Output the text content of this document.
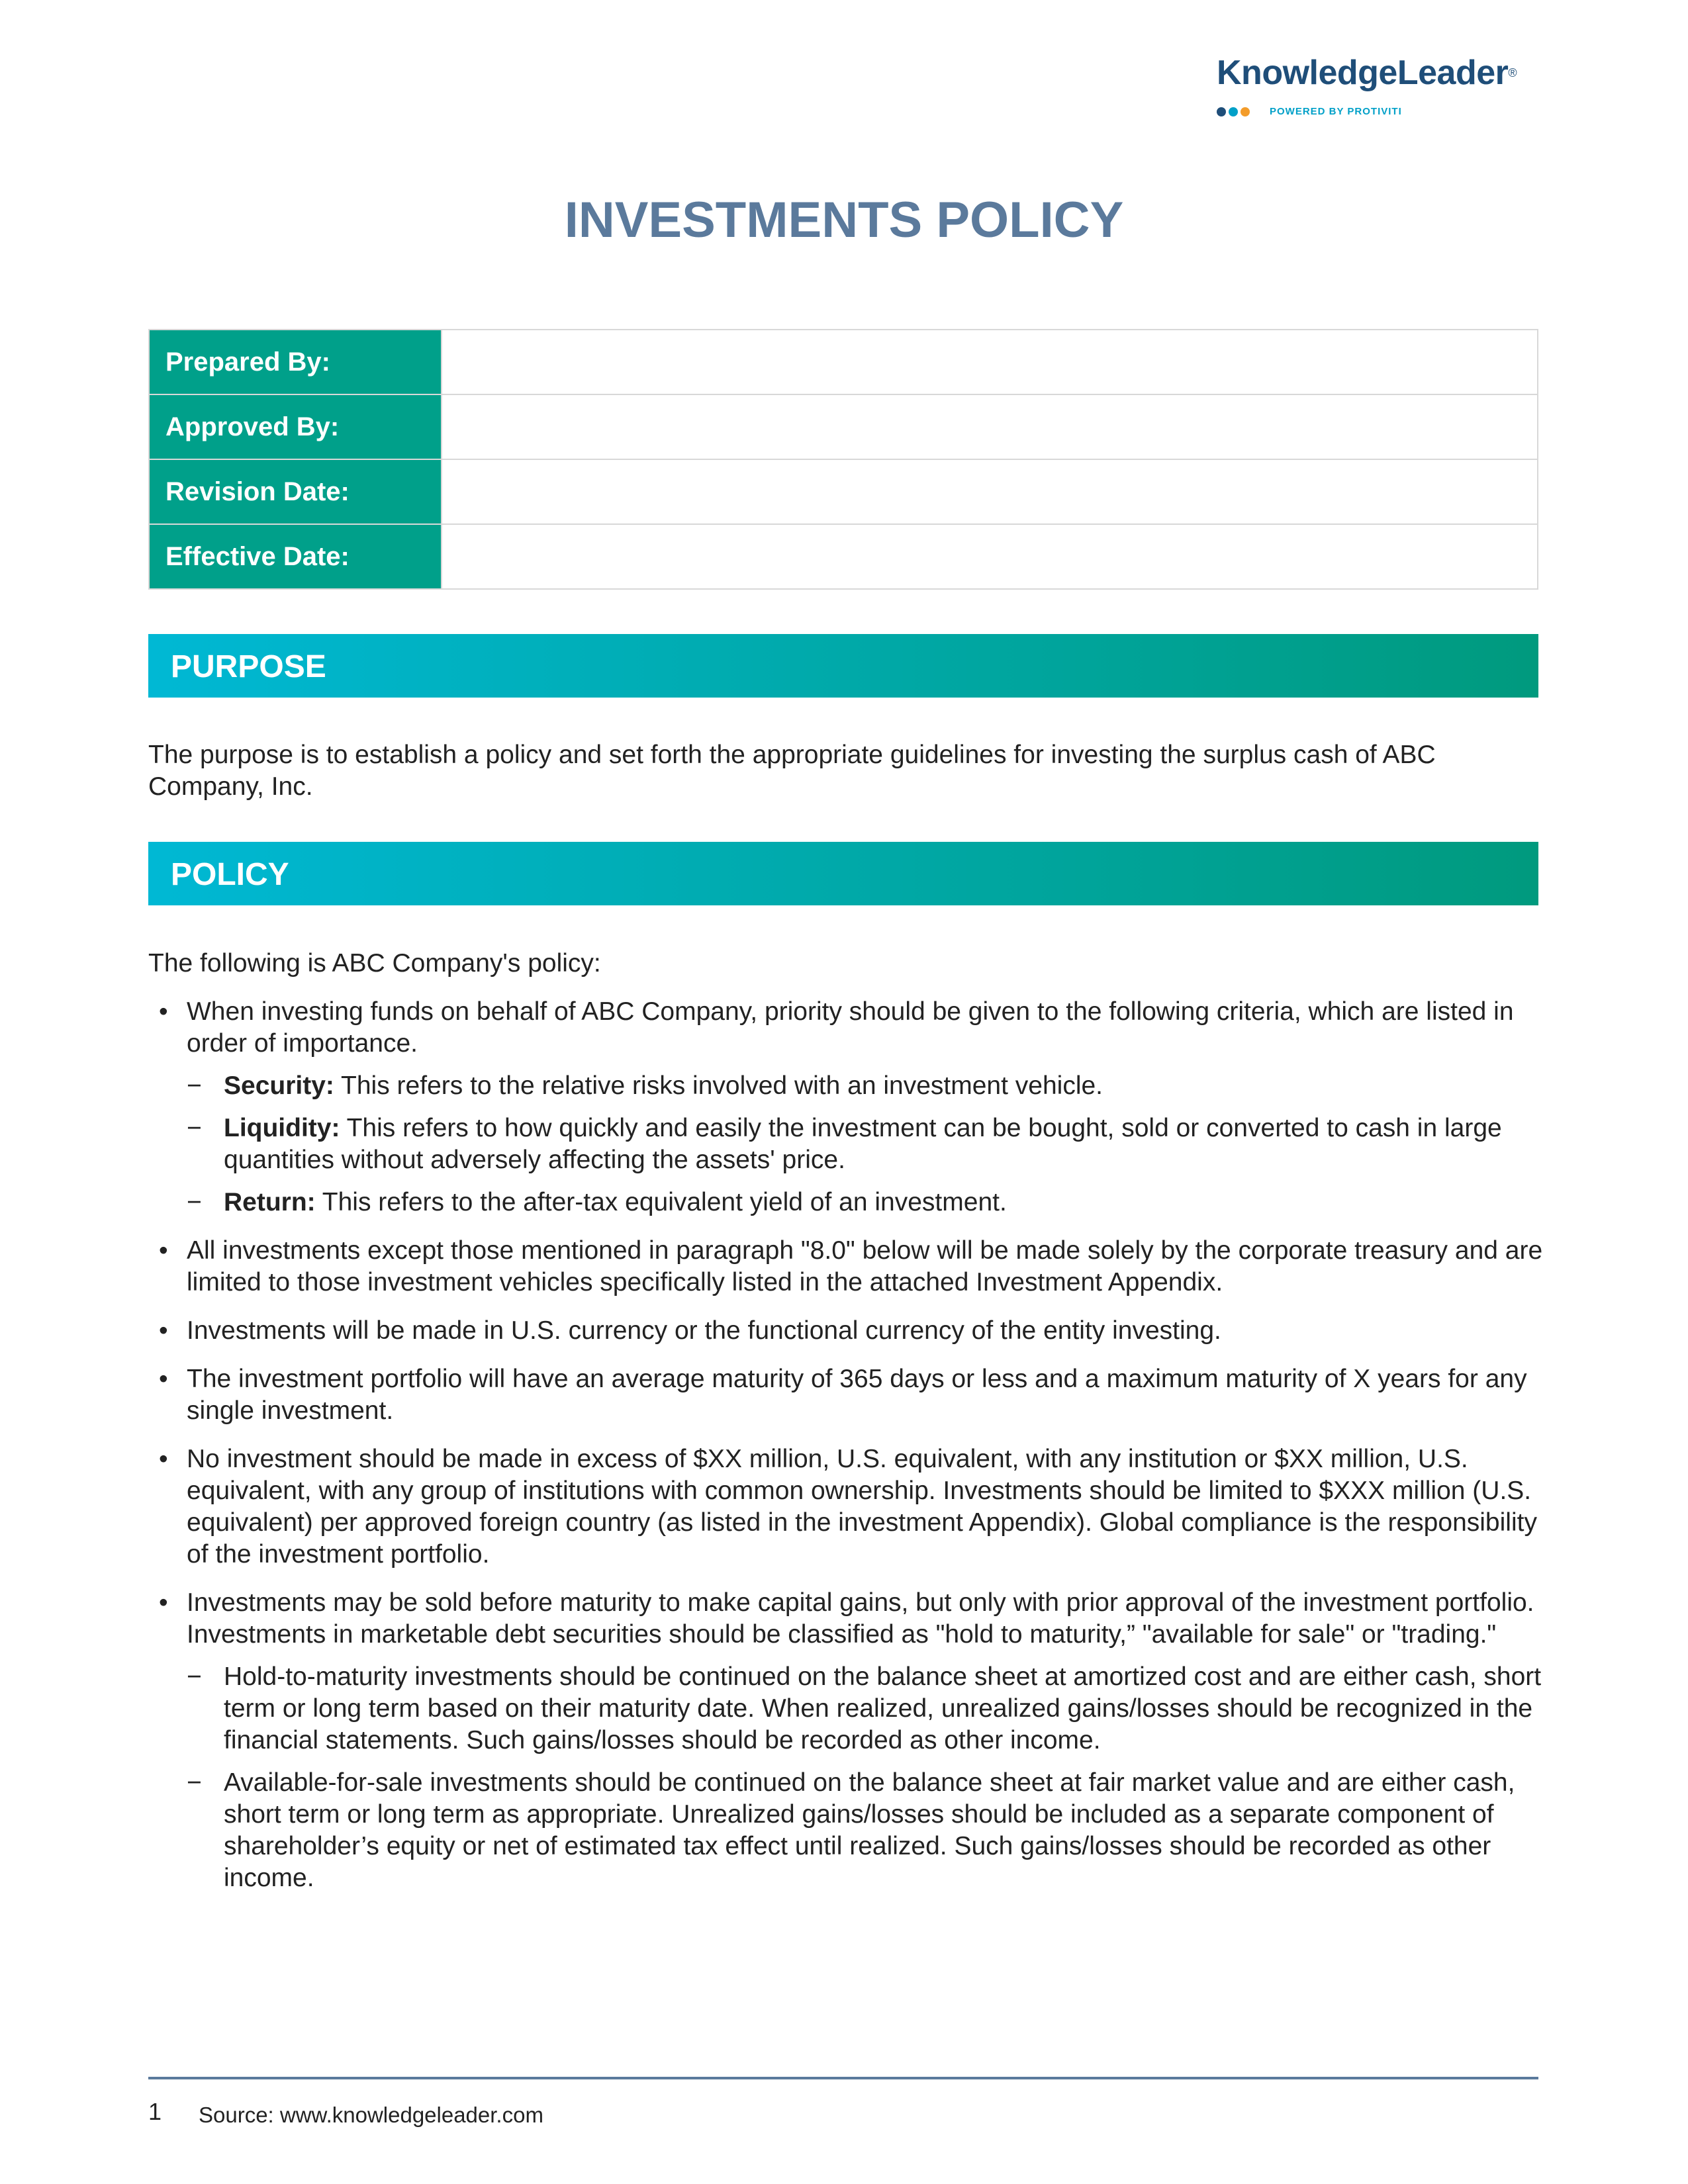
KnowledgeLeader®
POWERED BY PROTIVITI
INVESTMENTS POLICY
Prepared By:	
Approved By:	
Revision Date:	
Effective Date:	
PURPOSE

The purpose is to establish a policy and set forth the appropriate guidelines for investing the surplus cash of ABC Company, Inc.

POLICY

The following is ABC Company's policy:

• When investing funds on behalf of ABC Company, priority should be given to the following criteria, which are listed in order of importance.
− Security: This refers to the relative risks involved with an investment vehicle.
− Liquidity: This refers to how quickly and easily the investment can be bought, sold or converted to cash in large quantities without adversely affecting the assets' price.
− Return: This refers to the after-tax equivalent yield of an investment.
• All investments except those mentioned in paragraph "8.0" below will be made solely by the corporate treasury and are limited to those investment vehicles specifically listed in the attached Investment Appendix.
• Investments will be made in U.S. currency or the functional currency of the entity investing.
• The investment portfolio will have an average maturity of 365 days or less and a maximum maturity of X years for any single investment.
• No investment should be made in excess of $XX million, U.S. equivalent, with any institution or $XX million, U.S. equivalent, with any group of institutions with common ownership. Investments should be limited to $XXX million (U.S. equivalent) per approved foreign country (as listed in the investment Appendix). Global compliance is the responsibility of the investment portfolio.
• Investments may be sold before maturity to make capital gains, but only with prior approval of the investment portfolio. Investments in marketable debt securities should be classified as "hold to maturity,” "available for sale" or "trading."
− Hold-to-maturity investments should be continued on the balance sheet at amortized cost and are either cash, short term or long term based on their maturity date. When realized, unrealized gains/losses should be recognized in the financial statements. Such gains/losses should be recorded as other income.
− Available-for-sale investments should be continued on the balance sheet at fair market value and are either cash, short term or long term as appropriate. Unrealized gains/losses should be included as a separate component of shareholder’s equity or net of estimated tax effect until realized. Such gains/losses should be recorded as other income.
1 Source: www.knowledgeleader.com
